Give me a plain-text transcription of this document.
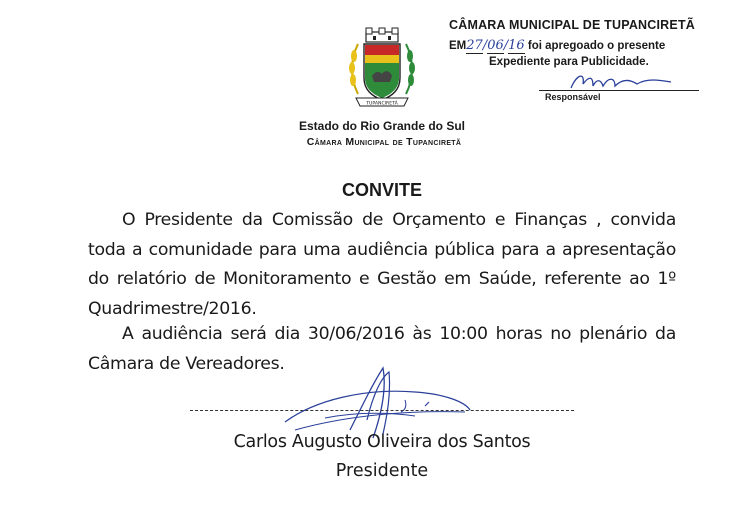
TUPANCIRETÃ
CÂMARA MUNICIPAL DE TUPANCIRETÃ
EM27/06/16 foi apregoado o presente
Expediente para Publicidade.
Responsável
Estado do Rio Grande do Sul
Câmara Municipal de Tupanciretã
CONVITE
O Presidente da Comissão de Orçamento e Finanças , convida toda a comunidade para uma audiência pública para a apresentação do relatório de Monitoramento e Gestão em Saúde, referente ao 1º Quadrimestre/2016.
A audiência será dia 30/06/2016 às 10:00 horas no plenário da Câmara de Vereadores.
Carlos Augusto Oliveira dos Santos
Presidente
